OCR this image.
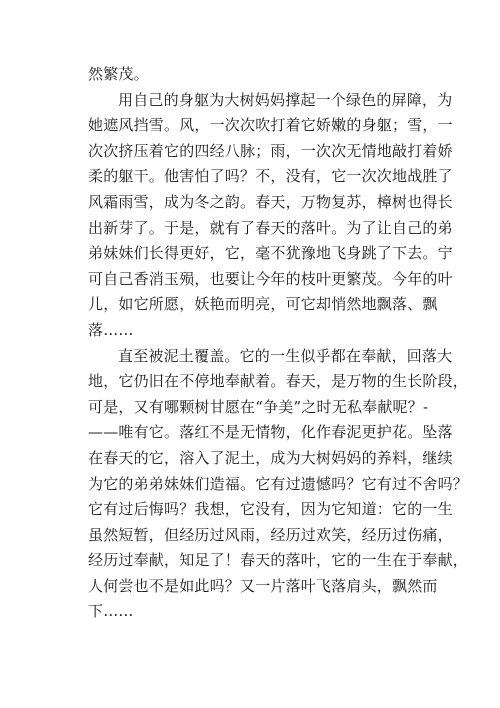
然繁茂。
用自己的身躯为大树妈妈撑起一个绿色的屏障，为
她遮风挡雪。风，一次次吹打着它娇嫩的身躯；雪，一
次次挤压着它的四经八脉；雨，一次次无情地敲打着娇
柔的躯干。他害怕了吗？不，没有，它一次次地战胜了
风霜雨雪，成为冬之韵。春天，万物复苏，樟树也得长
出新芽了。于是，就有了春天的落叶。为了让自己的弟
弟妹妹们长得更好，它，毫不犹豫地飞身跳了下去。宁
可自己香消玉殒，也要让今年的枝叶更繁茂。今年的叶
儿，如它所愿，妖艳而明亮，可它却悄然地飘落、飘
落……
直至被泥土覆盖。它的一生似乎都在奉献，回落大
地，它仍旧在不停地奉献着。春天，是万物的生长阶段，
可是，又有哪颗树甘愿在“争美”之时无私奉献呢？-
——唯有它。落红不是无情物，化作春泥更护花。坠落
在春天的它，溶入了泥土，成为大树妈妈的养料，继续
为它的弟弟妹妹们造福。它有过遗憾吗？它有过不舍吗？
它有过后悔吗？我想，它没有，因为它知道：它的一生
虽然短暂，但经历过风雨，经历过欢笑，经历过伤痛，
经历过奉献，知足了！春天的落叶，它的一生在于奉献，
人何尝也不是如此吗？又一片落叶飞落肩头，飘然而
下……
